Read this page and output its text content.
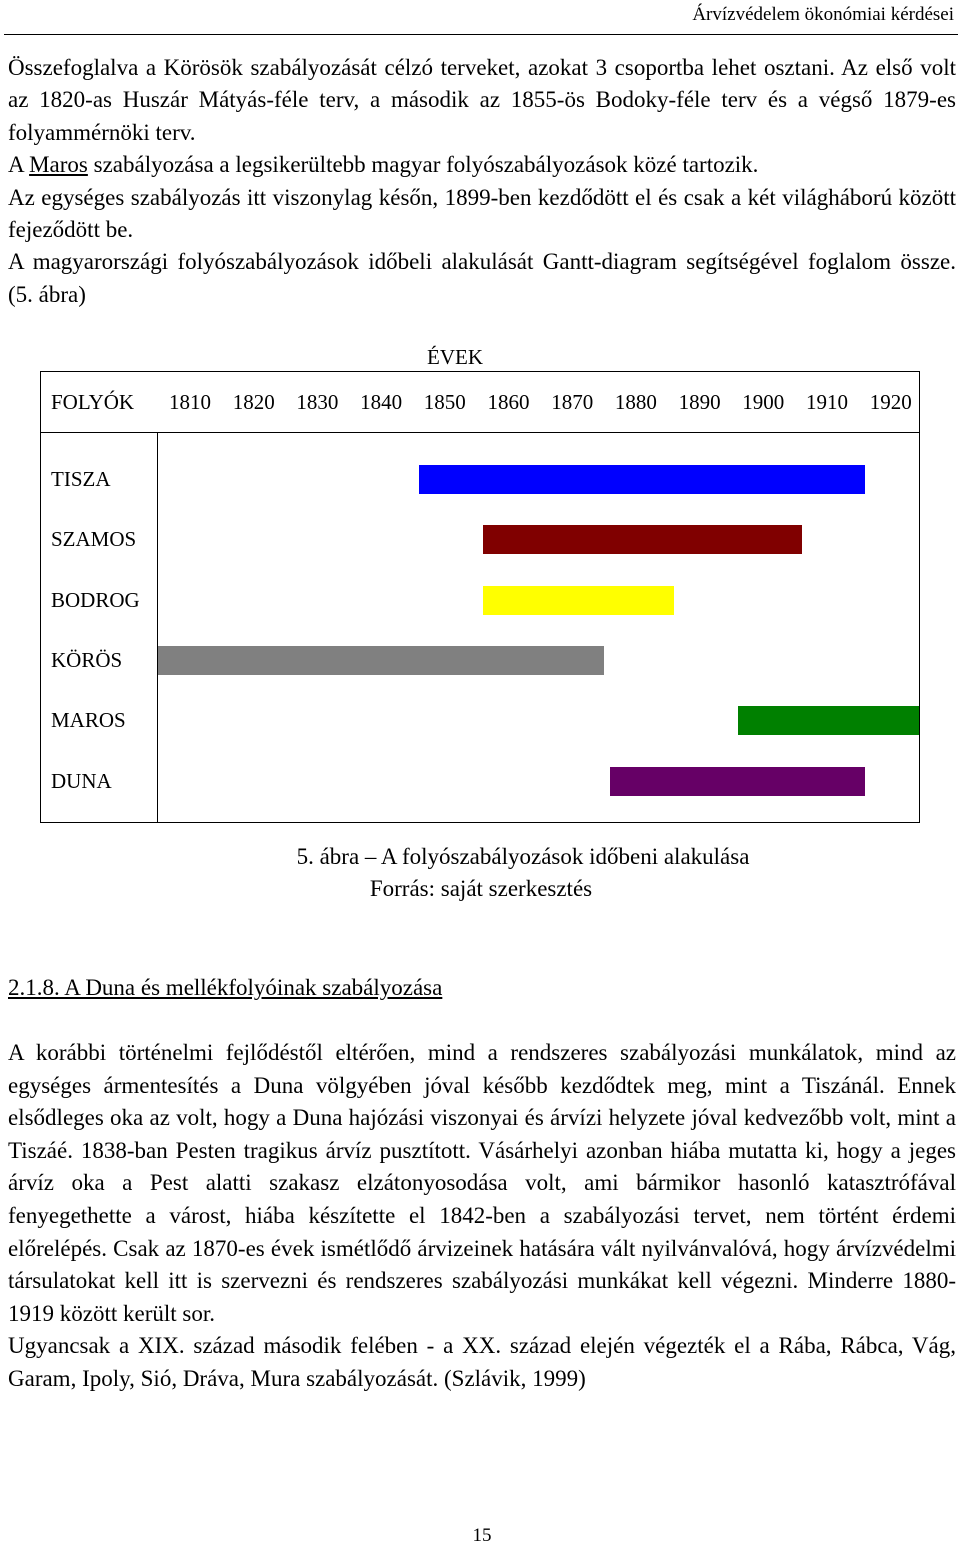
Árvízvédelem ökonómiai kérdései

Összefoglalva a Körösök szabályozását célzó terveket, azokat 3 csoportba lehet osztani. Az első volt az 1820-as Huszár Mátyás-féle terv, a második az 1855-ös Bodoky-féle terv és a végső 1879-es folyammérnöki terv.

A Maros szabályozása a legsikerültebb magyar folyószabályozások közé tartozik.

Az egységes szabályozás itt viszonylag későn, 1899-ben kezdődött el és csak a két világháború között fejeződött be.

A magyarországi folyószabályozások időbeli alakulását Gantt-diagram segítségével foglalom össze. (5. ábra)

ÉVEK
FOLYÓK	1810	1820	1830	1840	1850	1860	1870	1880	1890	1900	1910	1920
TISZA
SZAMOS
BODROG
KÖRÖS
MAROS
DUNA
5. ábra – A folyószabályozások időbeni alakulása
Forrás: saját szerkesztés
2.1.8. A Duna és mellékfolyóinak szabályozása

A korábbi történelmi fejlődéstől eltérően, mind a rendszeres szabályozási munkálatok, mind az egységes ármentesítés a Duna völgyében jóval később kezdődtek meg, mint a Tiszánál. Ennek elsődleges oka az volt, hogy a Duna hajózási viszonyai és árvízi helyzete jóval kedvezőbb volt, mint a Tiszáé. 1838-ban Pesten tragikus árvíz pusztított. Vásárhelyi azonban hiába mutatta ki, hogy a jeges árvíz oka a Pest alatti szakasz elzátonyosodása volt, ami bármikor hasonló katasztrófával fenyegethette a várost, hiába készítette el 1842-ben a szabályozási tervet, nem történt érdemi előrelépés. Csak az 1870-es évek ismétlődő árvizeinek hatására vált nyilvánvalóvá, hogy árvízvédelmi társulatokat kell itt is szervezni és rendszeres szabályozási munkákat kell végezni. Minderre 1880-1919 között került sor.

Ugyancsak a XIX. század második felében - a XX. század elején végezték el a Rába, Rábca, Vág, Garam, Ipoly, Sió, Dráva, Mura szabályozását. (Szlávik, 1999)

15
